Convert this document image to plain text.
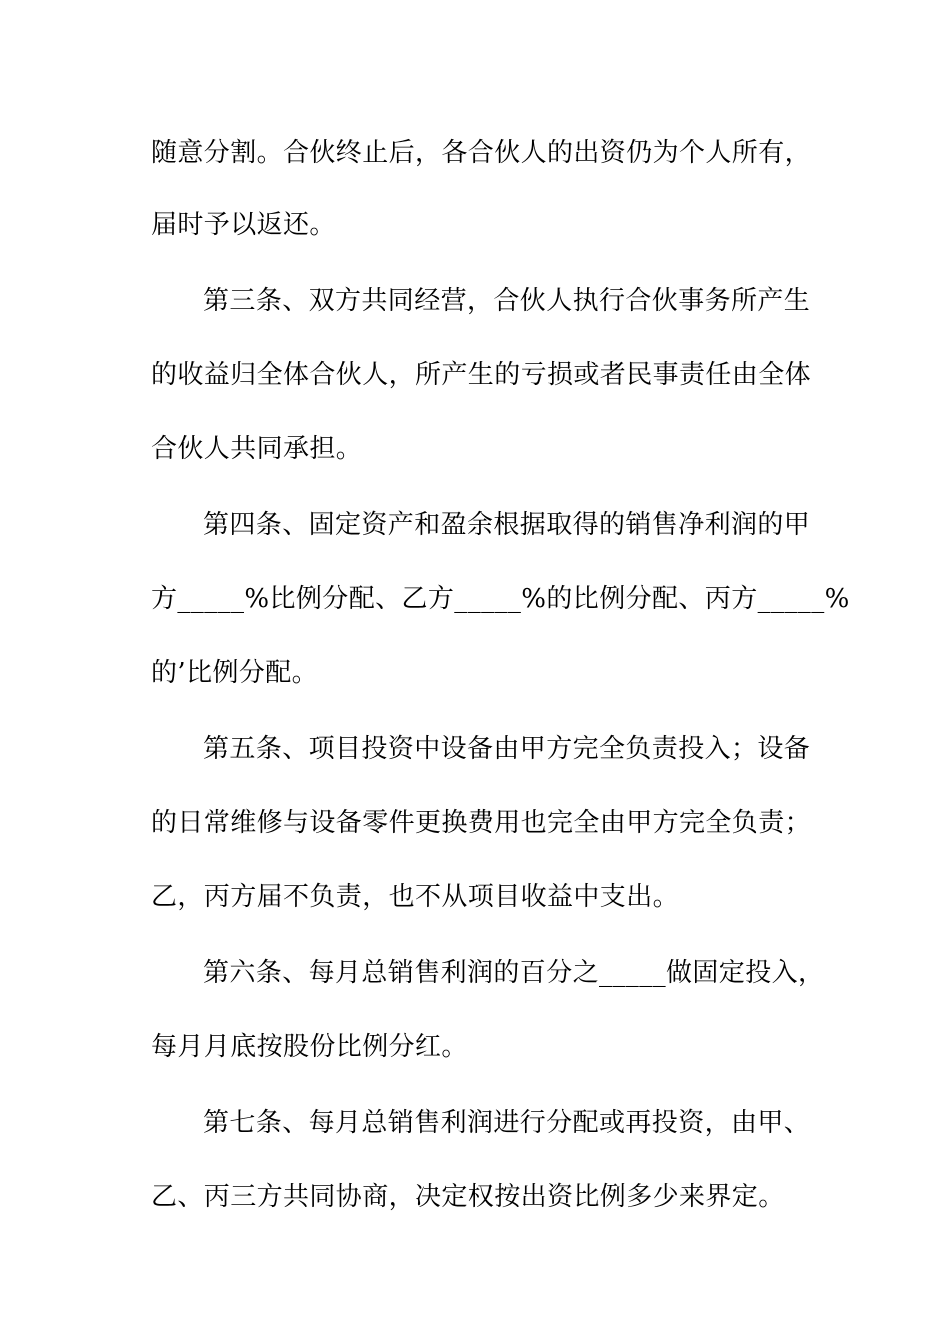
随意分割。合伙终止后，各合伙人的出资仍为个人所有，
届时予以返还。
第三条、双方共同经营，合伙人执行合伙事务所产生
的收益归全体合伙人，所产生的亏损或者民事责任由全体
合伙人共同承担。
第四条、固定资产和盈余根据取得的销售净利润的甲
方_____%比例分配、乙方_____%的比例分配、丙方_____%
的’比例分配。
第五条、项目投资中设备由甲方完全负责投入；设备
的日常维修与设备零件更换费用也完全由甲方完全负责；
乙，丙方届不负责，也不从项目收益中支出。
第六条、每月总销售利润的百分之_____做固定投入，
每月月底按股份比例分红。
第七条、每月总销售利润进行分配或再投资，由甲、
乙、丙三方共同协商，决定权按出资比例多少来界定。
